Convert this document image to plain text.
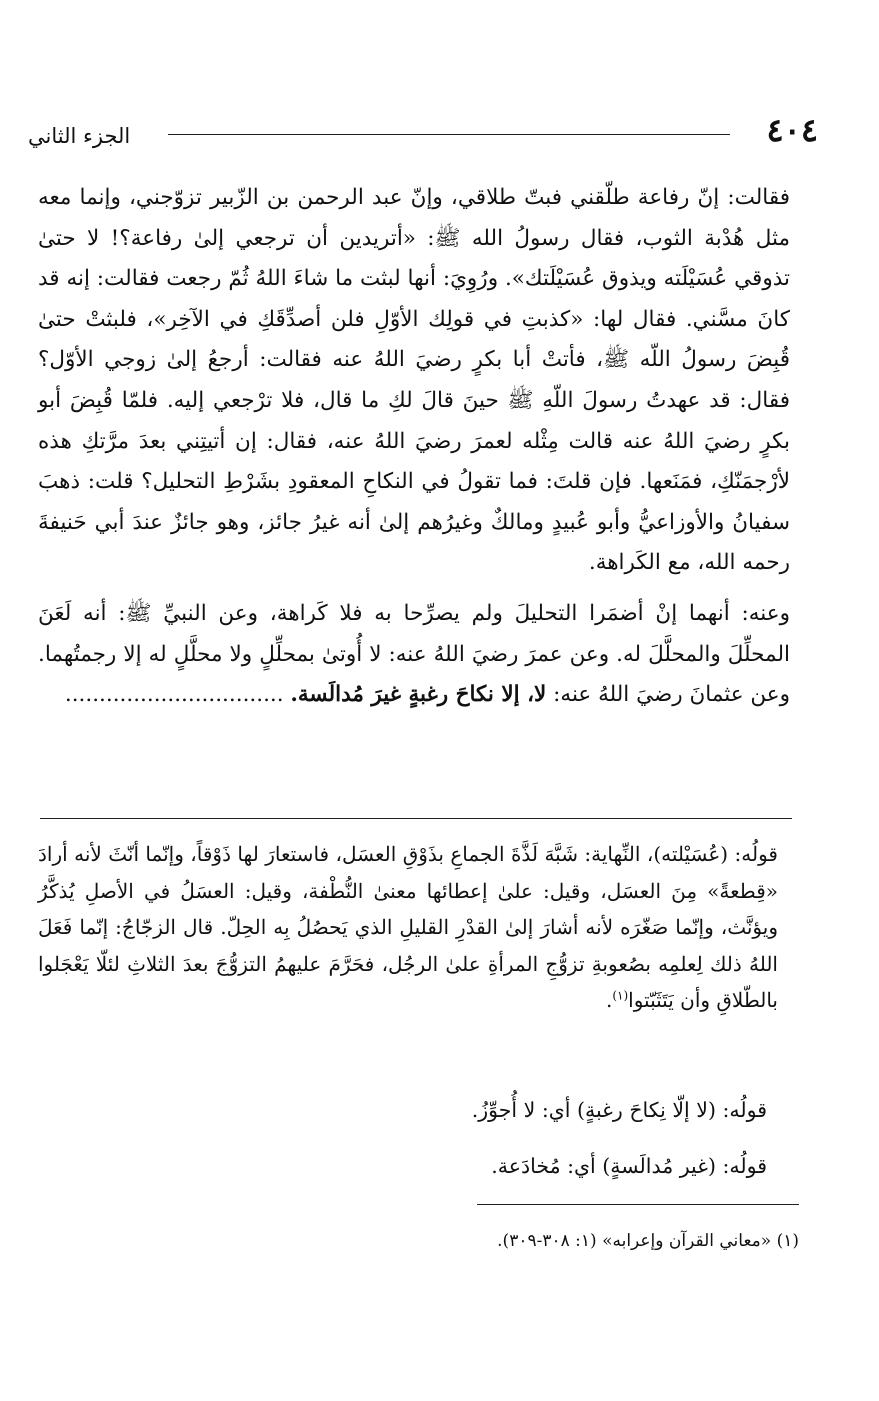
٤٠٤
الجزء الثاني

فقالت: إنّ رفاعة طلّقني فبتّ طلاقي، وإنّ عبد الرحمن بن الزّبير تزوّجني، وإنما معه مثل هُدْبة الثوب، فقال رسولُ الله ﷺ: «أتريدين أن ترجعي إلىٰ رفاعة؟! لا حتىٰ تذوقي عُسَيْلَته ويذوق عُسَيْلَتك». ورُوِيَ: أنها لبثت ما شاءَ اللهُ ثُمّ رجعت فقالت: إنه قد كانَ مسَّني. فقال لها: «كذبتِ في قولِك الأوّلِ فلن أصدِّقَكِ في الآخِر»، فلبثتْ حتىٰ قُبِضَ رسولُ اللّه ﷺ، فأتتْ أبا بكرٍ رضيَ اللهُ عنه فقالت: أرجعُ إلىٰ زوجي الأوّل؟ فقال: قد عهدتُ رسولَ اللّهِ ﷺ حينَ قالَ لكِ ما قال، فلا ترْجعي إليه. فلمّا قُبِضَ أبو بكرٍ رضيَ اللهُ عنه قالت مِثْله لعمرَ رضيَ اللهُ عنه، فقال: إن أتيتِني بعدَ مرَّتكِ هذه لأرْجمَنّكِ، فمَنَعها. فإن قلتَ: فما تقولُ في النكاحِ المعقودِ بشَرْطِ التحليل؟ قلت: ذهبَ سفيانُ والأوزاعيُّ وأبو عُبيدٍ ومالكٌ وغيرُهم إلىٰ أنه غيرُ جائز، وهو جائزٌ عندَ أبي حَنيفةَ رحمه الله، مع الكَراهة.

وعنه: أنهما إنْ أضمَرا التحليلَ ولم يصرِّحا به فلا كَراهة، وعن النبيِّ ﷺ: أنه لَعَنَ المحلِّلَ والمحلَّلَ له. وعن عمرَ رضيَ اللهُ عنه: لا أُوتىٰ بمحلِّلٍ ولا محلَّلٍ له إلا رجمتُهما. وعن عثمانَ رضيَ اللهُ عنه: لا، إلا نكاحَ رغبةٍ غيرَ مُدالَسة. ................................

قولُه: (عُسَيْلته)، النِّهاية: شَبَّهَ لَذَّةَ الجماعِ بذَوْقِ العسَل، فاستعارَ لها ذَوْقاً، وإنّما أنّثَ لأنه أرادَ «قِطعةً» مِنَ العسَل، وقيل: علىٰ إعطائها معنىٰ النُّطْفة، وقيل: العسَلُ في الأصلِ يُذكَّرُ ويؤنَّث، وإنّما صَغّرَه لأنه أشارَ إلىٰ القدْرِ القليلِ الذي يَحصُلُ بِه الحِلّ. قال الزجّاجُ: إنّما فَعَلَ اللهُ ذلك لِعلمِه بصُعوبةِ تزوُّجِ المرأةِ علىٰ الرجُل، فحَرَّمَ عليهمُ التزوُّجَ بعدَ الثلاثِ لئلّا يَعْجَلوا بالطّلاقِ وأن يَتَثَبّتوا$^{(١)}$.

قولُه: (لا إلّا نِكاحَ رغبةٍ) أي: لا أُجوِّزُ.
قولُه: (غير مُدالَسةٍ) أي: مُخادَعة.
(١) «معاني القرآن وإعرابه» (١: ٣٠٨-٣٠٩).
